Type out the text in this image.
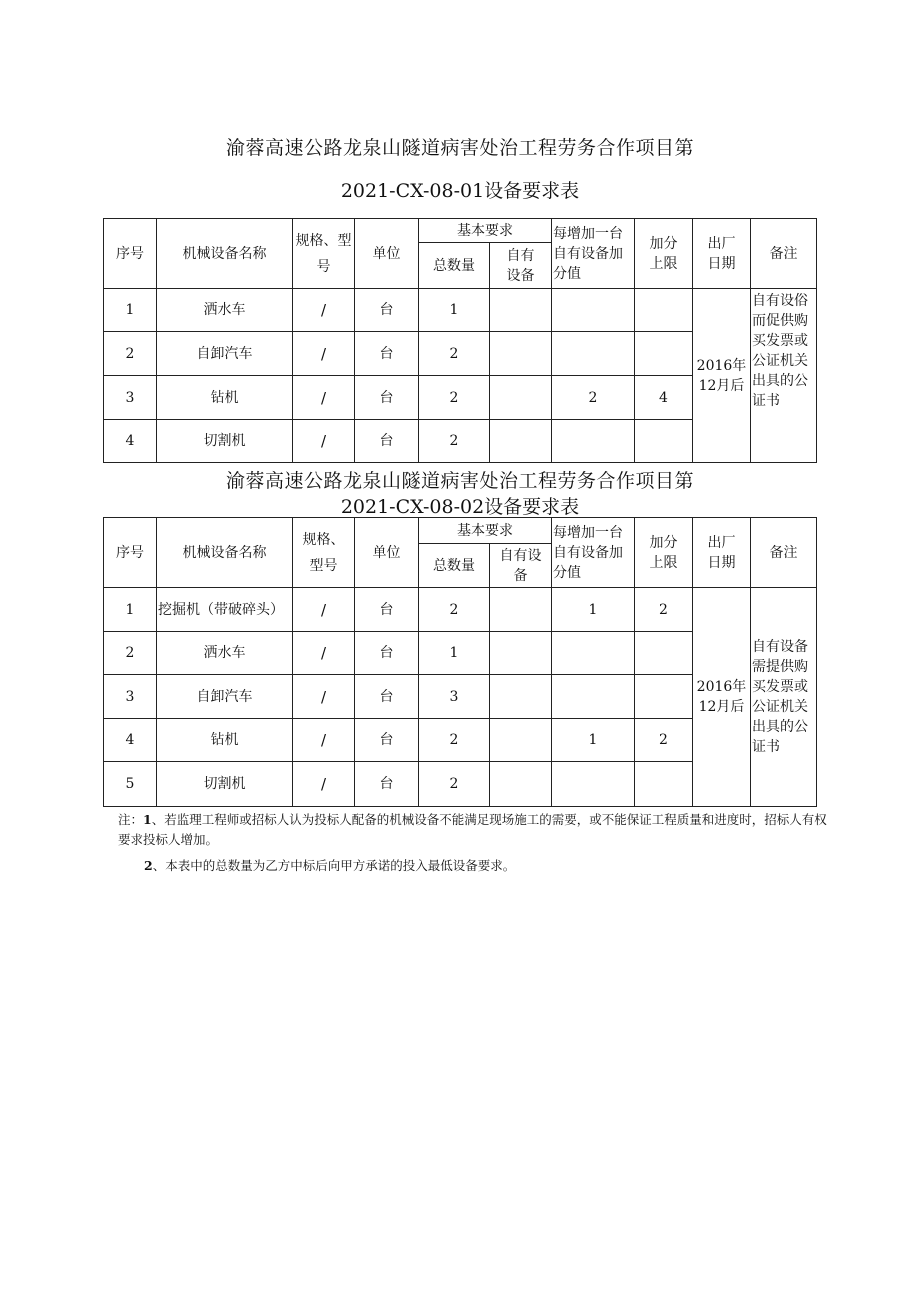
渝蓉高速公路龙泉山隧道病害处治工程劳务合作项目第
2021-CX-08-01设备要求表
序号	机械设备名称	规格、型号	单位	基本要求		每增加一台自有设备加分值	加分上限	出厂日期	备注
				总数量	自有设备				
1	洒水车	/	台	1				2016年12月后	自有设俗而促供购买发票或公证机关出具的公证书
2	自卸汽车	/	台	2					
3	钻机	/	台	2		2	4		
4	切割机	/	台	2					
渝蓉高速公路龙泉山隧道病害处治工程劳务合作项目第
2021-CX-08-02设备要求表
序号	机械设备名称	规格、型号	单位	基本要求		每增加一台自有设备加分值	加分上限	出厂日期	备注
				总数量	自有设备				
1	挖掘机（带破碎头）	/	台	2		1	2	2016年12月后	自有设备需提供购买发票或公证机关出具的公证书
2	洒水车	/	台	1					
3	自卸汽车	/	台	3					
4	钻机	/	台	2		1	2		
5	切割机	/	台	2					
注：1、若监理工程师或招标人认为投标人配备的机械设备不能满足现场施工的需要，或不能保证工程质量和进度时，招标人有权要求投标人增加。
2、本表中的总数量为乙方中标后向甲方承诺的投入最低设备要求。
